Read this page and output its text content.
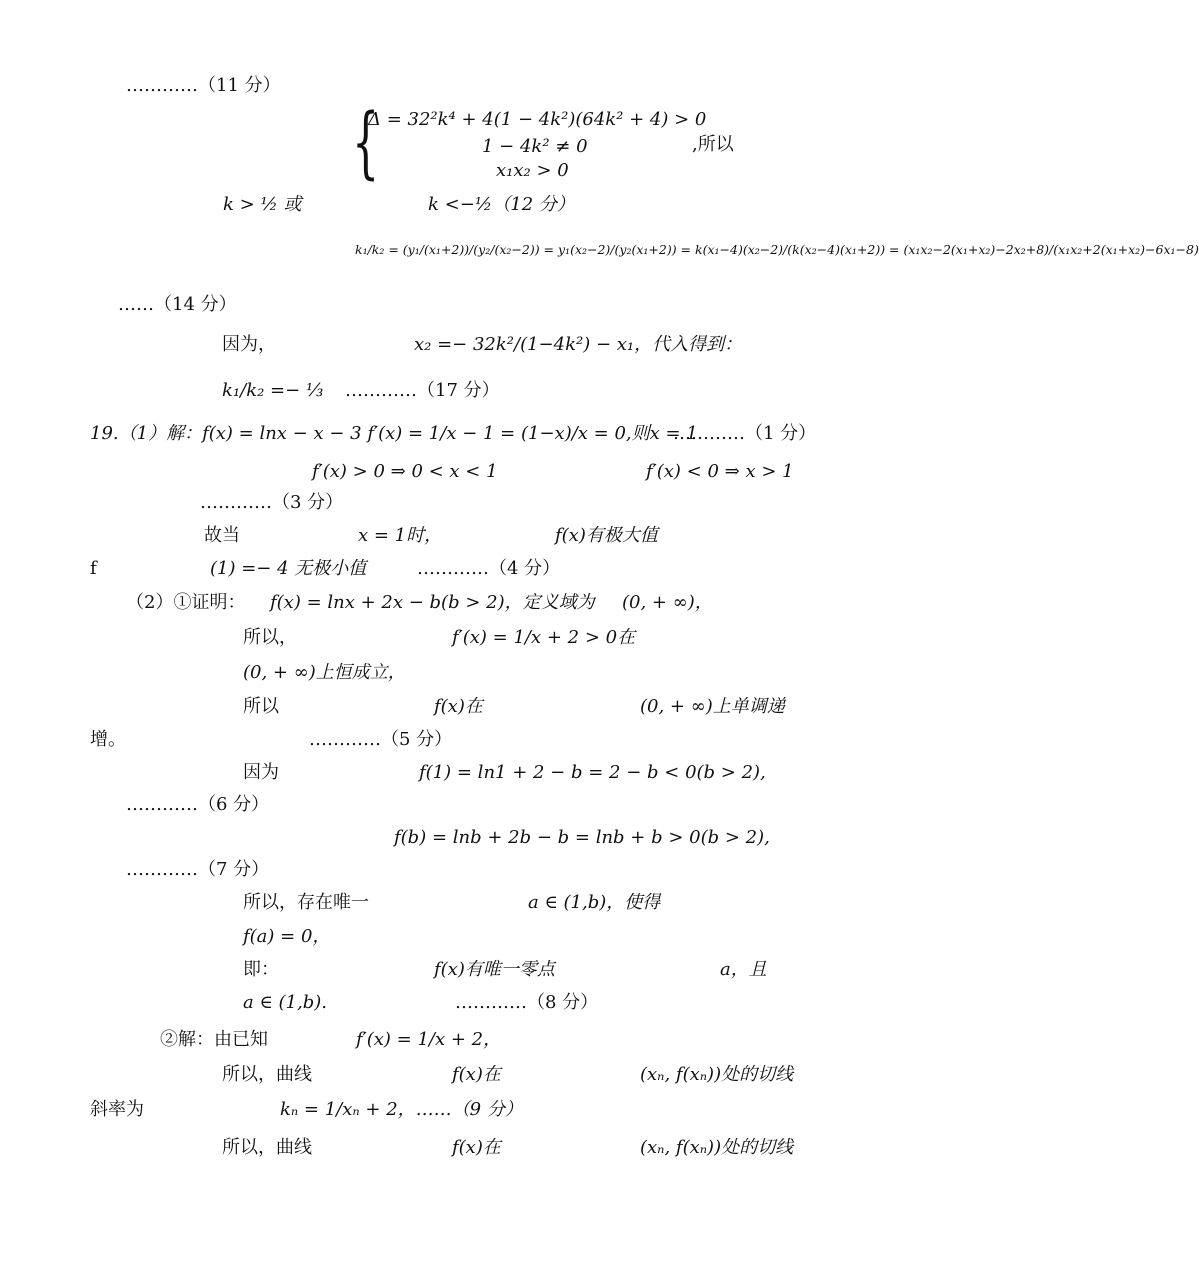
…………（11 分）
{
Δ = 32²k⁴ + 4(1 − 4k²)(64k² + 4) > 0
1 − 4k² ≠ 0
x₁x₂ > 0
,所以
k > ½ 或	k <−½（12 分）
k₁/k₂ = (y₁/(x₁+2))/(y₂/(x₂−2)) = y₁(x₂−2)/(y₂(x₁+2)) = k(x₁−4)(x₂−2)/(k(x₂−4)(x₁+2)) = (x₁x₂−2(x₁+x₂)−2x₂+8)/(x₁x₂+2(x₁+x₂)−6x₁−8)
……（14 分）
因为，	x₂ =− 32k²/(1−4k²) − x₁，代入得到：
k₁/k₂ =− ⅓ …………（17 分）
19.（1）解：f(x) = lnx − x − 3 f′(x) = 1/x − 1 = (1−x)/x = 0,则x = 1
…………（1 分）
f′(x) > 0 ⇒ 0 < x < 1	f′(x) < 0 ⇒ x > 1
…………（3 分）
故当	x = 1时，	f(x)有极大值
f	(1) =− 4 无极小值	…………（4 分）
（2）①证明： f(x) = lnx + 2x − b(b > 2)，定义域为 (0, + ∞)，
所以，	f′(x) = 1/x + 2 > 0在
(0, + ∞)上恒成立，
所以	f(x)在	(0, + ∞)上单调递
增。	…………（5 分）
因为	f(1) = ln1 + 2 − b = 2 − b < 0(b > 2),
…………（6 分）
f(b) = lnb + 2b − b = lnb + b > 0(b > 2),
…………（7 分）
所以，存在唯一	a ∈ (1,b)，使得
f(a) = 0，
即：	f(x)有唯一零点	a，且
a ∈ (1,b).	…………（8 分）
②解：由已知	f′(x) = 1/x + 2，
所以，曲线	f(x)在	(xₙ, f(xₙ))处的切线
斜率为	kₙ = 1/xₙ + 2，……（9 分）
所以，曲线	f(x)在	(xₙ, f(xₙ))处的切线
